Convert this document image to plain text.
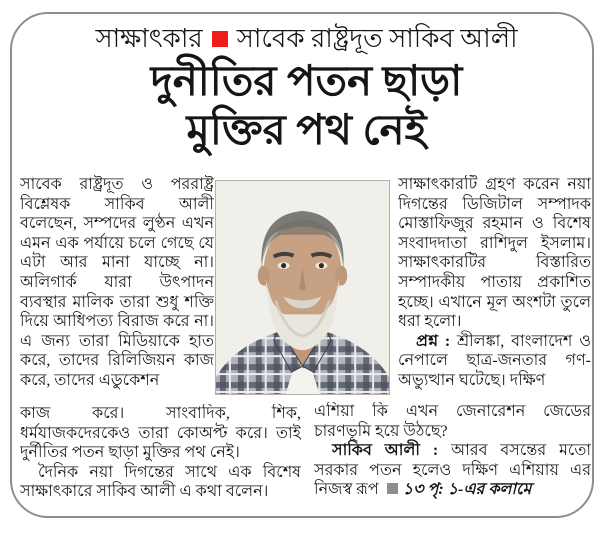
সাক্ষাৎকার সাবেক রাষ্ট্রদূত সাকিব আলী
দুনীতির পতন ছাড়া
মুক্তির পথ নেই

সাবেক রাষ্ট্রদূত ও পররাষ্ট্র বিশ্লেষক সাকিব আলী বলেছেন, সম্পদের লুণ্ঠন এখন এমন এক পর্যায়ে চলে গেছে যে এটা আর মানা যাচ্ছে না। অলিগার্ক যারা উৎপাদন ব্যবস্থার মালিক তারা শুধু শক্তি দিয়ে আধিপত্য বিরাজ করে না। এ জন্য তারা মিডিয়াকে হাত করে, তাদের রিলিজিয়ন কাজ করে, তাদের এডুকেশন

সাক্ষাৎকারটি গ্রহণ করেন নয়া দিগন্তের ডিজিটাল সম্পাদক মোস্তাফিজুর রহমান ও বিশেষ সংবাদদাতা রাশিদুল ইসলাম। সাক্ষাৎকারটির বিস্তারিত সম্পাদকীয় পাতায় প্রকাশিত হচ্ছে। এখানে মূল অংশটা তুলে ধরা হলো।

প্রশ্ন : শ্রীলঙ্কা, বাংলাদেশ ও নেপালে ছাত্র-জনতার গণ-অভ্যুত্থান ঘটেছে। দক্ষিণ

কাজ করে। সাংবাদিক, শিক, ধর্মযাজকদেরকেও তারা কোঅপ্ট করে। তাই দুর্নীতির পতন ছাড়া মুক্তির পথ নেই।

দৈনিক নয়া দিগন্তের সাথে এক বিশেষ সাক্ষাৎকারে সাকিব আলী এ কথা বলেন।

এশিয়া কি এখন জেনারেশন জেডের চারণভূমি হয়ে উঠছে?

সাকিব আলী : আরব বসন্তের মতো সরকার পতন হলেও দক্ষিণ এশিয়ায় এর নিজস্ব রূপ ১৩ পৃ: ১-এর কলামে
